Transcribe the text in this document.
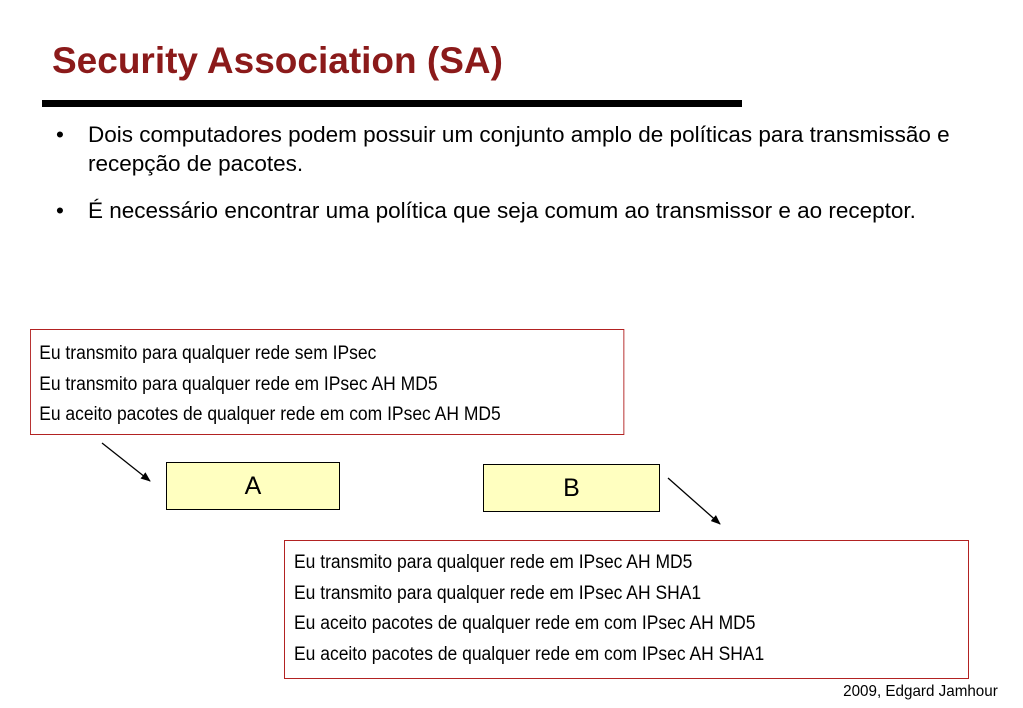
Security Association (SA)
• Dois computadores podem possuir um conjunto amplo de políticas para transmissão e recepção de pacotes.
• É necessário encontrar uma política que seja comum ao transmissor e ao receptor.
Eu transmito para qualquer rede sem IPsec
Eu transmito para qualquer rede em IPsec AH MD5
Eu aceito pacotes de qualquer rede em com IPsec AH MD5
A	B
Eu transmito para qualquer rede em IPsec AH MD5
Eu transmito para qualquer rede em IPsec AH SHA1
Eu aceito pacotes de qualquer rede em com IPsec AH MD5
Eu aceito pacotes de qualquer rede em com IPsec AH SHA1
2009, Edgard Jamhour
